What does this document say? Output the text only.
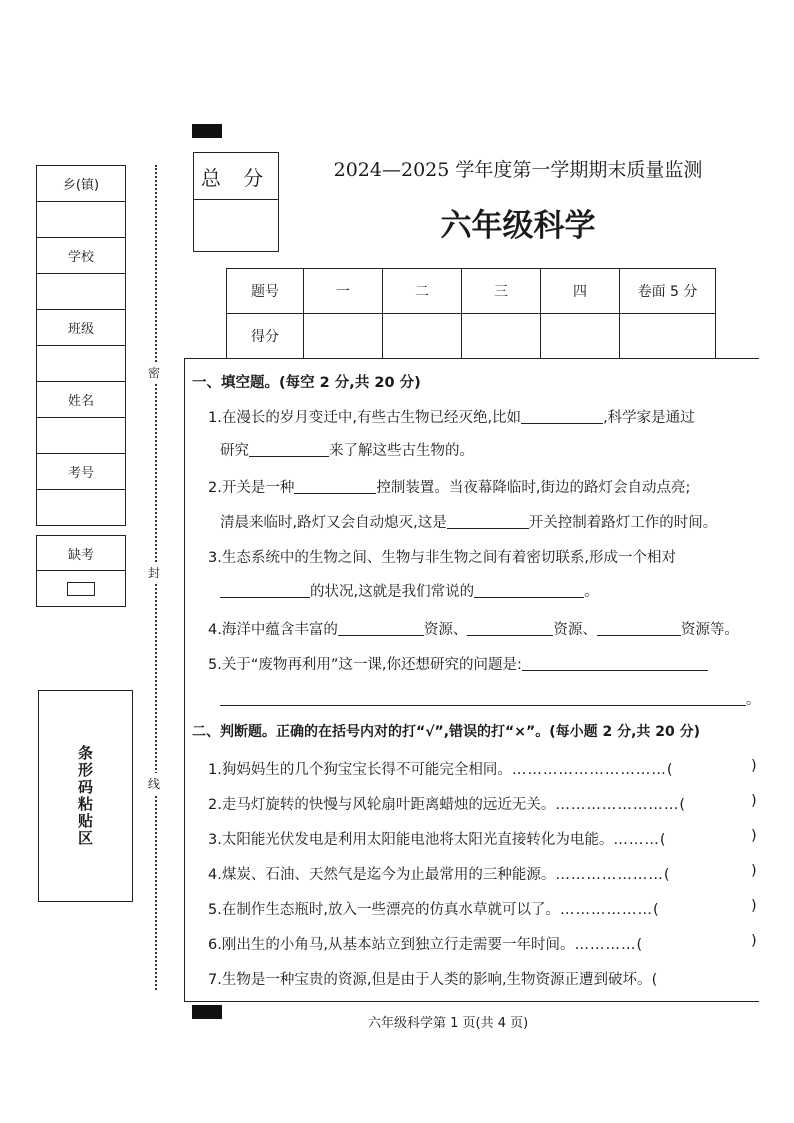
乡(镇)
学校
班级
姓名
考号
缺考
条形码粘贴区
密
封
线
总 分	2024—2025 学年度第一学期期末质量监测
六年级科学
题号	一	二	三	四	卷面 5 分
得分					
一、填空题。(每空 2 分,共 20 分)
1.在漫长的岁月变迁中,有些古生物已经灭绝,比如	,科学家是通过
研究	来了解这些古生物的。
2.开关是一种	控制装置。当夜幕降临时,街边的路灯会自动点亮;
清晨来临时,路灯又会自动熄灭,这是	开关控制着路灯工作的时间。
3.生态系统中的生物之间、生物与非生物之间有着密切联系,形成一个相对
的状况,这就是我们常说的	。
4.海洋中蕴含丰富的	资源、	资源、	资源等。
5.关于“废物再利用”这一课,你还想研究的问题是:
。
二、判断题。正确的在括号内对的打“√”,错误的打“×”。(每小题 2 分,共 20 分)
1.狗妈妈生的几个狗宝宝长得不可能完全相同。…………………………(
2.走马灯旋转的快慢与风轮扇叶距离蜡烛的远近无关。……………………(
3.太阳能光伏发电是利用太阳能电池将太阳光直接转化为电能。………(
4.煤炭、石油、天然气是迄今为止最常用的三种能源。…………………(
5.在制作生态瓶时,放入一些漂亮的仿真水草就可以了。………………(
6.刚出生的小角马,从基本站立到独立行走需要一年时间。…………(
7.生物是一种宝贵的资源,但是由于人类的影响,生物资源正遭到破坏。(
)
)
)
)
)
)
六年级科学第 1 页(共 4 页)
